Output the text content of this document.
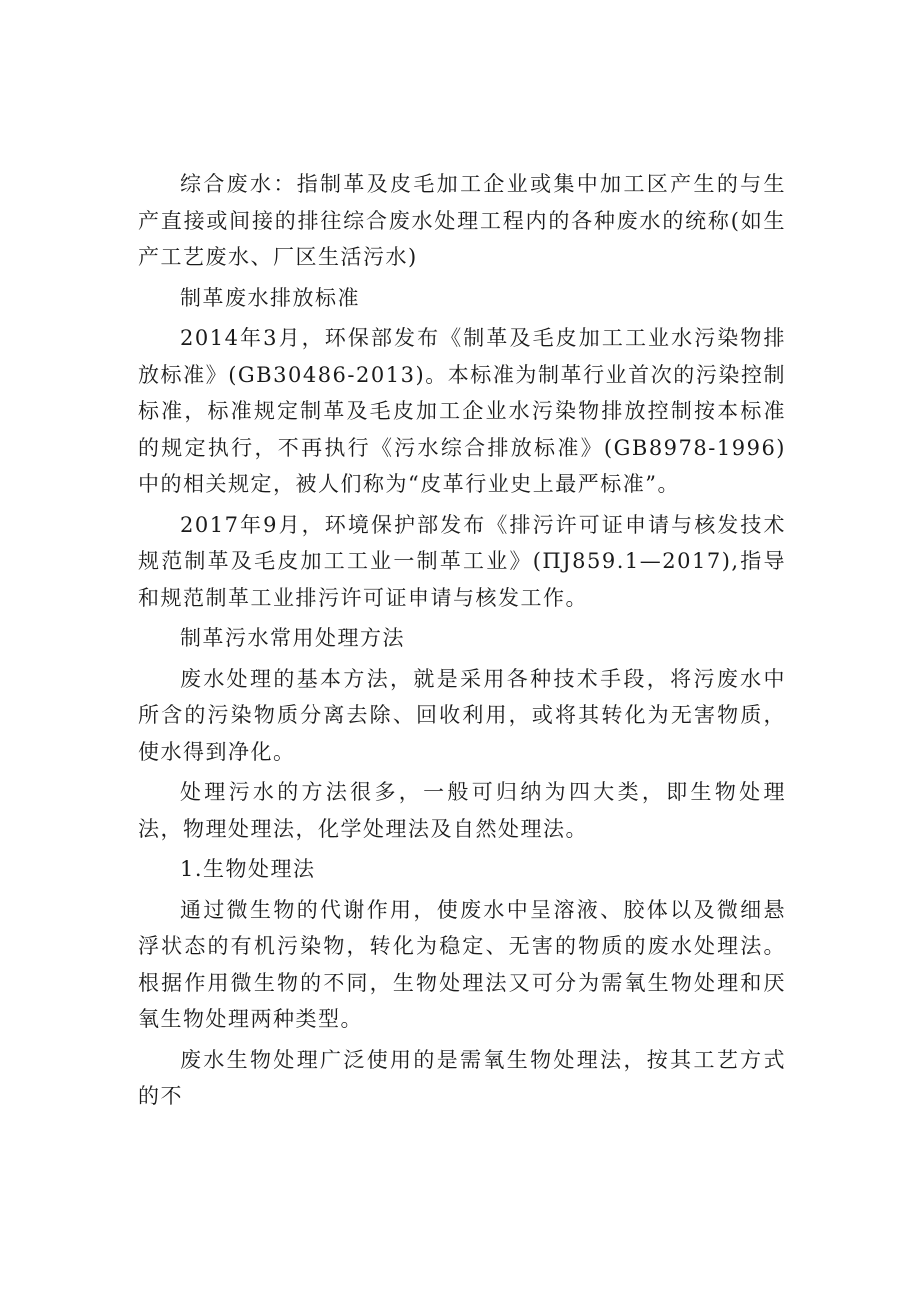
综合废水：指制革及皮毛加工企业或集中加工区产生的与生产直接或间接的排往综合废水处理工程内的各种废水的统称(如生产工艺废水、厂区生活污水)

制革废水排放标准

2014年3月，环保部发布《制革及毛皮加工工业水污染物排放标准》(GB30486-2013)。本标准为制革行业首次的污染控制标准，标准规定制革及毛皮加工企业水污染物排放控制按本标准的规定执行，不再执行《污水综合排放标准》(GB8978-1996)中的相关规定，被人们称为“皮革行业史上最严标准”。

2017年9月，环境保护部发布《排污许可证申请与核发技术规范制革及毛皮加工工业一制革工业》(ПJ859.1—2017),指导和规范制革工业排污许可证申请与核发工作。

制革污水常用处理方法

废水处理的基本方法，就是采用各种技术手段，将污废水中所含的污染物质分离去除、回收利用，或将其转化为无害物质，使水得到净化。

处理污水的方法很多，一般可归纳为四大类，即生物处理法，物理处理法，化学处理法及自然处理法。

1.生物处理法

通过微生物的代谢作用，使废水中呈溶液、胶体以及微细悬浮状态的有机污染物，转化为稳定、无害的物质的废水处理法。根据作用微生物的不同，生物处理法又可分为需氧生物处理和厌氧生物处理两种类型。

废水生物处理广泛使用的是需氧生物处理法，按其工艺方式的不
